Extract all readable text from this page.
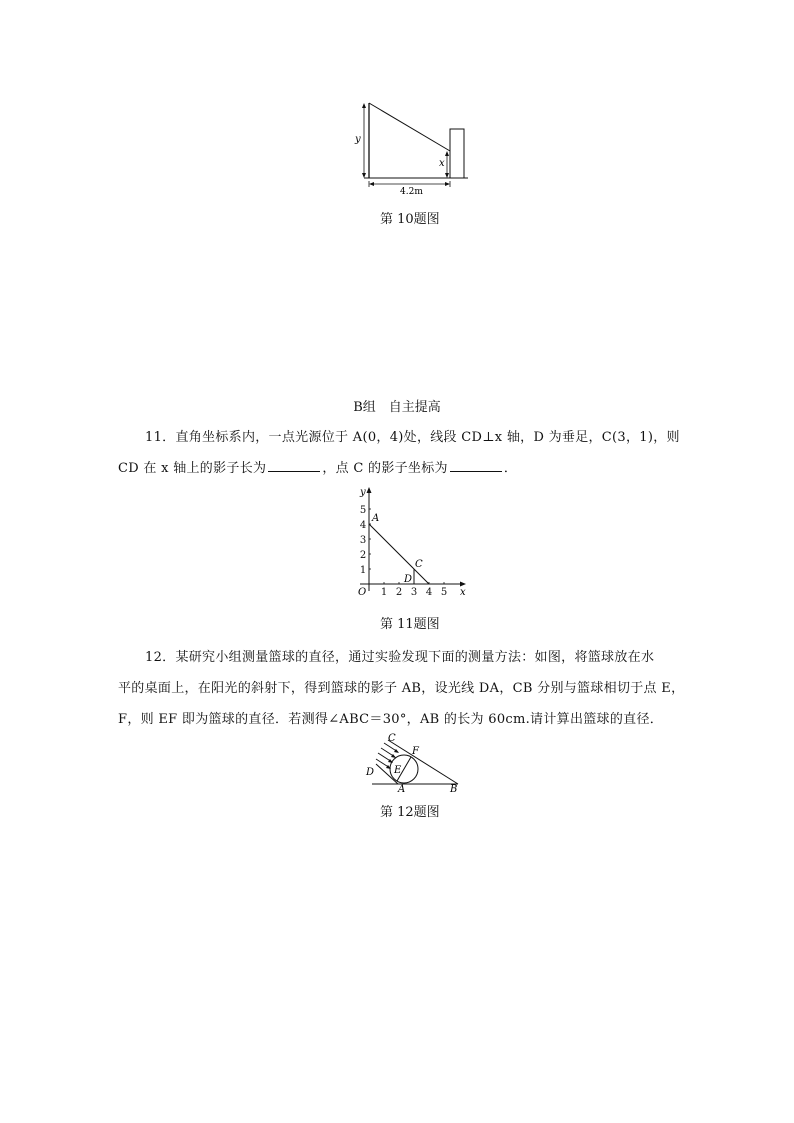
y
x
4.2m
第 10题图
B组　自主提高
11．直角坐标系内，一点光源位于 A(0，4)处，线段 CD⊥x 轴，D 为垂足，C(3，1)，则
CD 在 x 轴上的影子长为	，点 C 的影子坐标为	．
1 2 3 4 5
1
2
3
4
5
y
x
O
A
C
D
第 11题图
12．某研究小组测量篮球的直径，通过实验发现下面的测量方法：如图，将篮球放在水
平的桌面上，在阳光的斜射下，得到篮球的影子 AB，设光线 DA，CB 分别与篮球相切于点 E，
F，则 EF 即为篮球的直径．若测得∠ABC＝30°，AB 的长为 60cm.请计算出篮球的直径．
C
F
D E
A	B
第 12题图
